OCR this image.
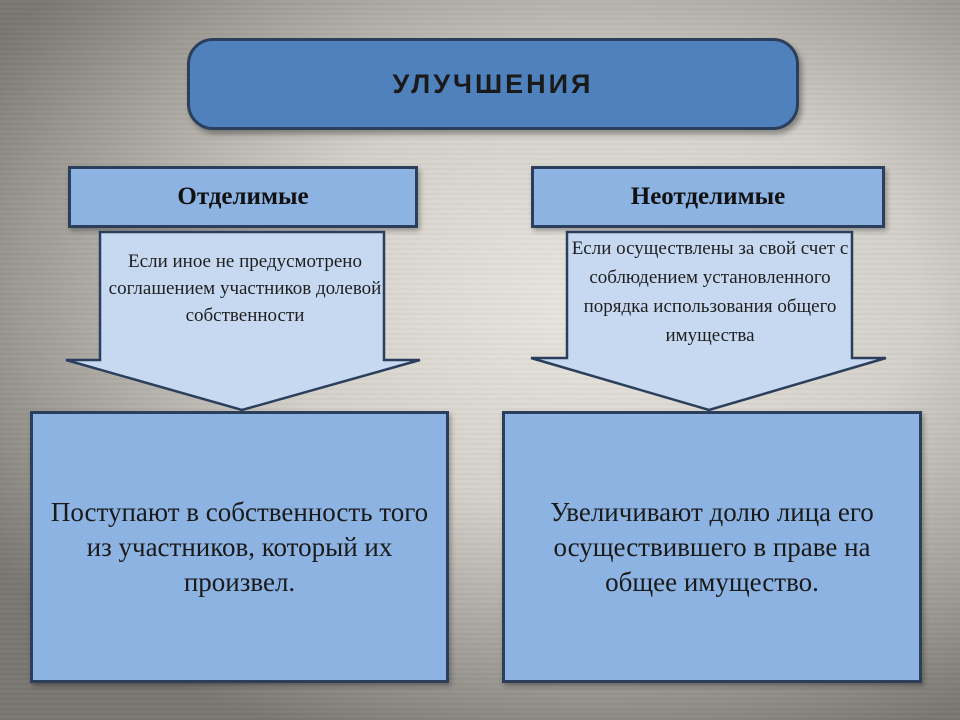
УЛУЧШЕНИЯ
Отделимые	Неотделимые
Если иное не предусмотрено соглашением участников долевой собственности
Если осуществлены за свой счет с соблюдением установленного порядка использования общего имущества
Поступают в собственность того из участников, который их произвел.
Увеличивают долю лица его осуществившего в праве на общее имущество.
